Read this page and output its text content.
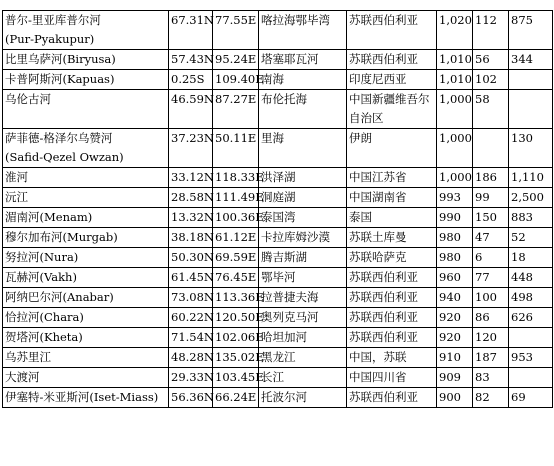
普尔-里亚库普尔河
(Pur-Pyakupur)	67.31N	77.55E	喀拉海鄂毕湾	苏联西伯利亚	1,020	112	875
比里乌萨河(Biryusa)	57.43N	95.24E	塔塞耶瓦河	苏联西伯利亚	1,010	56	344
卡普阿斯河(Kapuas)	0.25S	109.40E	南海	印度尼西亚	1,010	102	
乌伦古河	46.59N	87.27E	布伦托海	中国新疆维吾尔自治区	1,000	58	
萨菲德-格泽尔乌赞河
(Safid-Qezel Owzan)	37.23N	50.11E	里海	伊朗	1,000		130
淮河	33.12N	118.33E	洪泽湖	中国江苏省	1,000	186	1,110
沅江	28.58N	111.49E	洞庭湖	中国湖南省	993	99	2,500
湄南河(Menam)	13.32N	100.36E	泰国湾	泰国	990	150	883
穆尔加布河(Murgab)	38.18N	61.12E	卡拉库姆沙漠	苏联土库曼	980	47	52
努拉河(Nura)	50.30N	69.59E	腾吉斯湖	苏联哈萨克	980	6	18
瓦赫河(Vakh)	61.45N	76.45E	鄂毕河	苏联西伯利亚	960	77	448
阿纳巴尔河(Anabar)	73.08N	113.36E	拉普捷夫海	苏联西伯利亚	940	100	498
恰拉河(Chara)	60.22N	120.50E	奥列克马河	苏联西伯利亚	920	86	626
贺塔河(Kheta)	71.54N	102.06E	哈坦加河	苏联西伯利亚	920	120	
乌苏里江	48.28N	135.02E	黑龙江	中国，苏联	910	187	953
大渡河	29.33N	103.45E	长江	中国四川省	909	83	
伊塞特-米亚斯河(Iset-Miass)	56.36N	66.24E	托波尔河	苏联西伯利亚	900	82	69
